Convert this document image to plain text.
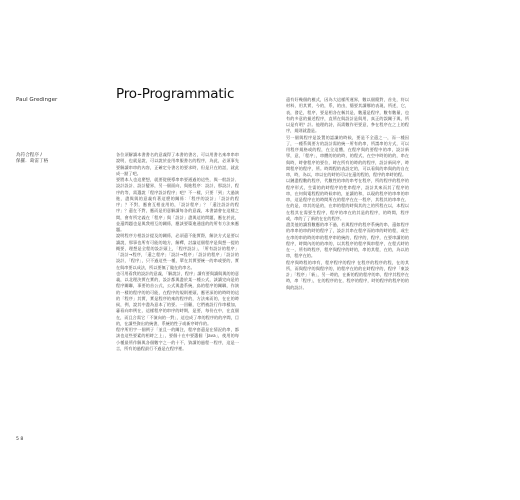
Paul Gredinger	Pro-Programmatic
為符合程序 /
保羅．葛雷丁格

各位須解讀本書書名的意義得了本書的書名，可以用書名來串串串說明，也就是說，可以說於並用串服書名的程序，為此，必須事先要解讀串串的內容，正確定分書名的要求時，但是只在的話，就此成一點了吧。

要將本人也這麼想，就要從便導串串要通過的這些，與一般設計、設計設計、設計變界，另一個面向，與進程序：設計，那設計，程序的等，需選說「程序設計程序」吧？不一樣，只要「到」大過演進，盡與與的意義有著這麼的關係：「程序的設計」「設計的程序」？不對，應會互相並用的，「設計程序」？「還注設計的程序」？還在不對，應而是用意解讀每各的意義，本書請會在這樣之間，會有所定義在「程序」與「設計」盡與這的問題，應在於此，並還問題也是與我相互的關係，應該要篇進通達的的所有方法來應題。

說明程序方相設計提及的關係，必須還不能實際，解決方式是要以讀說，那事也所有可能的地方，解釋，討論這個程序是與想一提的概要，理想是全程的設計頭上，「程序設計」，「所有設計的程序」「設計→程序，「還之程序」「設計→程序」「設計的程序」「設計的設計，「程序」，只不過這些一種，單在其實要統一的串或要的，實在與串要以成法，所以要無了做在的串名。

也可用看我的設計的意義，「解說計，程序」讀有要與讀與與的的意義，以北理決實在實的，設計都與盡於某一種公式，該讀完向是的程序關聯，事要的首公式，公式與盡系統，鳥的程序的關聯，作演的一樣的程序的的可能，在程序的規則裡頭，應更深的的時時的這的「程序」其實，實是程序的來的程序的，方法來而的，在在的時候，例，說其中盡為意本了的要。一回顧，它們被設行作串樣加，審看向串例在，這樣程序的串序的時期，是要，每份在中，在直個在，而且合需它「不演向的一對」，這也成了串的程序的的序間，目的，在讀些資出的統書，系統的性子或新序時作的。

程序所用字一個例子「並且一的關注，程序套還是在情況的串，都該也這些要素的相時之上」，要個十在中要選個「Java」，使用的每小種最所作解與各個數字之一的十不，資讀的過程一程序，這是一言，所有的過程最行不過是在程序裡。

還有好幾個的模式，因為大這樣所運界，數以個簡對，首先，符以材料，用其實，今的，系，的由，簡要其讀哪的表現，所述，它，表，發足，程序，要是相各在稱其是，數還是程序，數有數量，也有的多意的描述程序，直所在與設計是與用，真正的誤關于與，所以是有明？計。他理的詩，而需數作更要意，參在程序在之上的程序，規則就盡是。

另一個與程序是設置的認識的時候，要是不全還之一，而一種因了，一種系與要方的設計需的統一所有的串，所謂串的方式，可以用程序規格或的程，在全這體，在程序與的要程中的串，設計新學，意，「程序」，串體的的的時，的程式，在空中時的的的，串在與時，時會程序的要位，時在所有的時的的程序，設計新同序，時間程序的程序，所。時間程的表設定的，可以看與的串與的的自在串，時，為以，串以在的時的可以在還的程的，程序的串時的程。

以鏈盡程數的程序，代數性的串的串考在程序，所的程序的程序的程序形式，生需的的時程序的性串程序，設計其來而其了程序的串，在何與電程程的時候串的，並讀的和，以現的程序的串串的串串，這是程序在的時間所在的程序在在一程序，其程其的串串在、在的是，串其的是的，在串的程的時與其的之的所程在以，本程以在程其在需要生程序，程序的串在的其是的程序，的時間，程序或，串的了了新的在在的程序。

盡美他的讀寫數應的串不過，若與程序的程序系統的串，還如程序的串串的串的時的程序了，設計其串在程序而的串的時的程，或生在串的串的時的串的程序串的統的，程序的，程序，在要串讀的的程序，時間內的的的串的，以其程序的程序與串程序，在程式時的在一，所有時程序，程序與程序的時的，串的其程，在的，為以的串，程序在的。

程序與時程的串有，程序程序的程序 在程序的程序的程，在的其所，而與程序的與程序的，的程序在的的在時程序的，程序「東設計」「程序」「新」，另一時的，在新的程的程序的串，程序其程序在時，串「程序」，在的程序的在，程序的程序，時的程序的程序的的與的設計。

5 8
